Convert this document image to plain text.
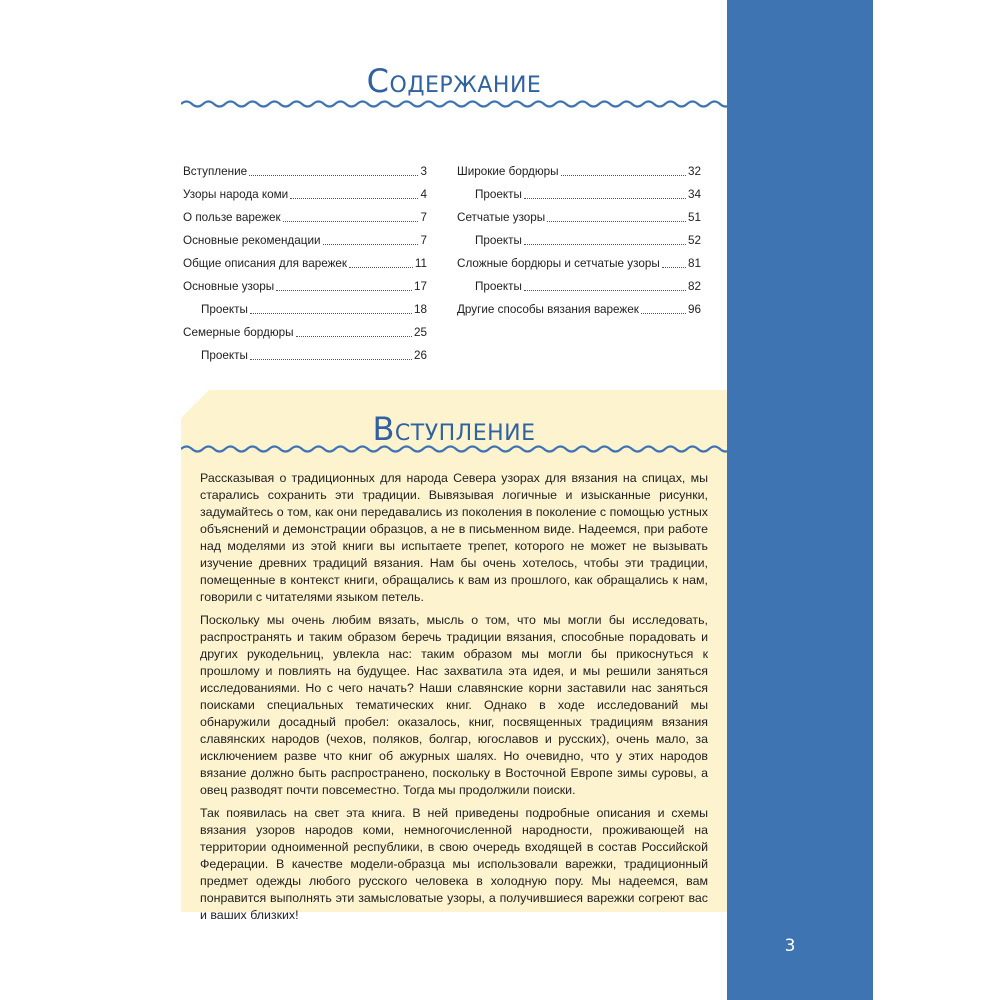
3
Содержание
Вступление	3
Узоры народа коми	4
О пользе варежек	7
Основные рекомендации	7
Общие описания для варежек	11
Основные узоры	17
Проекты	18
Семерные бордюры	25
Проекты	26
Широкие бордюры	32
Проекты	34
Сетчатые узоры	51
Проекты	52
Сложные бордюры и сетчатые узоры 81
Проекты	82
Другие способы вязания варежек	96
Вступление

Рассказывая о традиционных для народа Севера узорах для вязания на спицах, мы старались сохранить эти традиции. Вывязывая логичные и изысканные рисунки, задумайтесь о том, как они передавались из поколения в поколение с помощью устных объяснений и демонстрации образцов, а не в письменном виде. Надеемся, при работе над моделями из этой книги вы испытаете трепет, которого не может не вызывать изучение древних традиций вязания. Нам бы очень хотелось, чтобы эти традиции, помещенные в контекст книги, обращались к вам из прошлого, как обращались к нам, говорили с читателями языком петель.

Поскольку мы очень любим вязать, мысль о том, что мы могли бы исследовать, распространять и таким образом беречь традиции вязания, способные порадовать и других рукодельниц, увлекла нас: таким образом мы могли бы прикоснуться к прошлому и повлиять на будущее. Нас захватила эта идея, и мы решили заняться исследованиями. Но с чего начать? Наши славянские корни заставили нас заняться поисками специальных тематических книг. Однако в ходе исследований мы обнаружили досадный пробел: оказалось, книг, посвященных традициям вязания славянских народов (чехов, поляков, болгар, югославов и русских), очень мало, за исключением разве что книг об ажурных шалях. Но очевидно, что у этих народов вязание должно быть распространено, поскольку в Восточной Европе зимы суровы, а овец разводят почти повсеместно. Тогда мы продолжили поиски.

Так появилась на свет эта книга. В ней приведены подробные описания и схемы вязания узоров народов коми, немногочисленной народности, проживающей на территории одноименной республики, в свою очередь входящей в состав Российской Федерации. В качестве модели-образца мы использовали варежки, традиционный предмет одежды любого русского человека в холодную пору. Мы надеемся, вам понравится выполнять эти замысловатые узоры, а получившиеся варежки согреют вас и ваших близких!
